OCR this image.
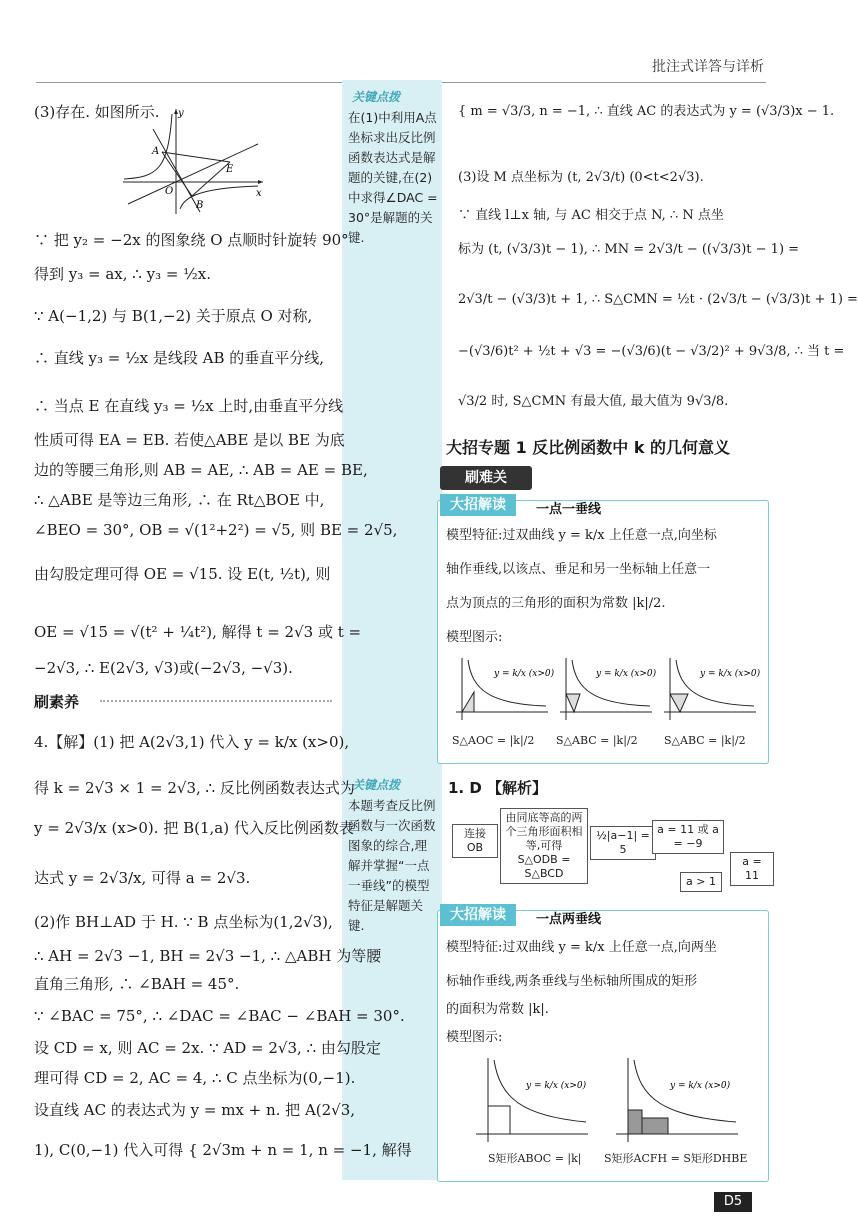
批注式详答与详析
关键点拨
在(1)中利用A点坐标求出反比例函数表达式是解题的关键,在(2)中求得∠DAC = 30°是解题的关键.
关键点拨
本题考查反比例函数与一次函数图象的综合,理解并掌握“一点一垂线”的模型特征是解题关键.
(3)存在. 如图所示. y
x
O
A
B
E
∵ 把 y₂ = −2x 的图象绕 O 点顺时针旋转 90°
得到 y₃ = ax, ∴ y₃ = ½x.
∵ A(−1,2) 与 B(1,−2) 关于原点 O 对称,
∴ 直线 y₃ = ½x 是线段 AB 的垂直平分线,
∴ 当点 E 在直线 y₃ = ½x 上时,由垂直平分线
性质可得 EA = EB. 若使△ABE 是以 BE 为底
边的等腰三角形,则 AB = AE, ∴ AB = AE = BE,
∴ △ABE 是等边三角形, ∴ 在 Rt△BOE 中,
∠BEO = 30°, OB = √(1²+2²) = √5, 则 BE = 2√5,
由勾股定理可得 OE = √15. 设 E(t, ½t), 则
OE = √15 = √(t² + ¼t²), 解得 t = 2√3 或 t =
−2√3, ∴ E(2√3, √3)或(−2√3, −√3).
刷素养
4.【解】(1) 把 A(2√3,1) 代入 y = k/x (x>0),
得 k = 2√3 × 1 = 2√3, ∴ 反比例函数表达式为
y = 2√3/x (x>0). 把 B(1,a) 代入反比例函数表
达式 y = 2√3/x, 可得 a = 2√3.
(2)作 BH⊥AD 于 H. ∵ B 点坐标为(1,2√3),
∴ AH = 2√3 −1, BH = 2√3 −1, ∴ △ABH 为等腰
直角三角形, ∴ ∠BAH = 45°.
∵ ∠BAC = 75°, ∴ ∠DAC = ∠BAC − ∠BAH = 30°.
设 CD = x, 则 AC = 2x. ∵ AD = 2√3, ∴ 由勾股定
理可得 CD = 2, AC = 4, ∴ C 点坐标为(0,−1).
设直线 AC 的表达式为 y = mx + n. 把 A(2√3,
1), C(0,−1) 代入可得 { 2√3m + n = 1, n = −1, 解得
{ m = √3/3, n = −1, ∴ 直线 AC 的表达式为 y = (√3/3)x − 1.
(3)设 M 点坐标为 (t, 2√3/t) (0<t<2√3).
∵ 直线 l⊥x 轴, 与 AC 相交于点 N, ∴ N 点坐
标为 (t, (√3/3)t − 1), ∴ MN = 2√3/t − ((√3/3)t − 1) =
2√3/t − (√3/3)t + 1, ∴ S△CMN = ½t · (2√3/t − (√3/3)t + 1) =
−(√3/6)t² + ½t + √3 = −(√3/6)(t − √3/2)² + 9√3/8, ∴ 当 t =
√3/2 时, S△CMN 有最大值, 最大值为 9√3/8.
大招专题 1 反比例函数中 k 的几何意义
刷难关
大招解读	一点一垂线
模型特征:过双曲线 y = k/x 上任意一点,向坐标
轴作垂线,以该点、垂足和另一坐标轴上任意一
点为顶点的三角形的面积为常数 |k|/2.
模型图示:
y = k/x (x>0)	y = k/x (x>0)	y = k/x (x>0)
S△AOC = |k|/2 S△ABC = |k|/2 S△ABC = |k|/2
1. D 【解析】
连接 OB
由同底等高的两个三角形面积相等,可得 S△ODB = S△BCD
½|a−1| = 5
a = 11 或 a = −9
a > 1
a = 11
大招解读	一点两垂线
模型特征:过双曲线 y = k/x 上任意一点,向两坐
标轴作垂线,两条垂线与坐标轴所围成的矩形
的面积为常数 |k|.
模型图示:
y = k/x (x>0)	y = k/x (x>0)
S矩形ABOC = |k| S矩形ACFH = S矩形DHBE
D5
